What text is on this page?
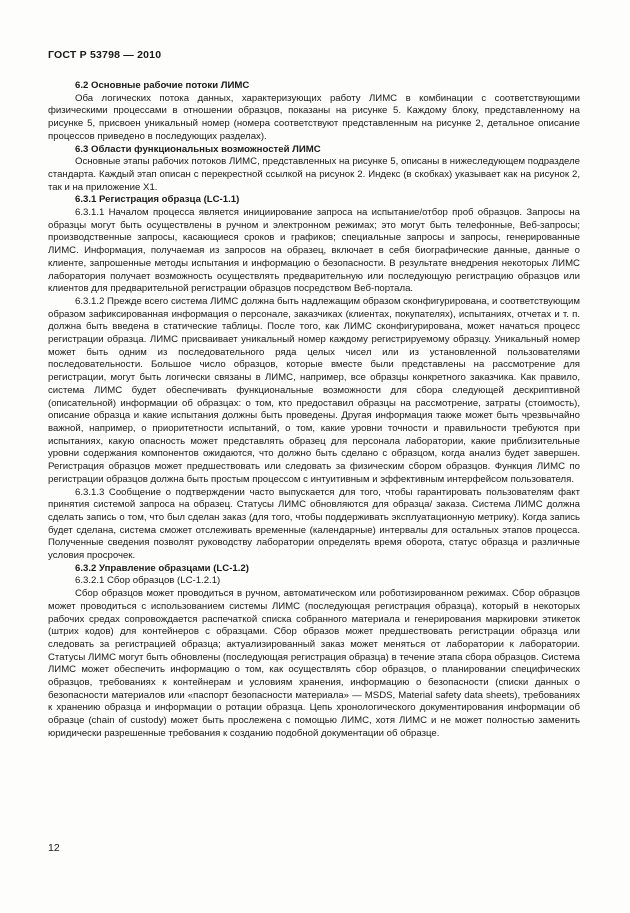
ГОСТ Р 53798 — 2010

6.2 Основные рабочие потоки ЛИМС

Оба логических потока данных, характеризующих работу ЛИМС в комбинации с соответствующими физическими процессами в отношении образцов, показаны на рисунке 5. Каждому блоку, представленному на рисунке 5, присвоен уникальный номер (номера соответствуют представленным на рисунке 2, детальное описание процессов приведено в последующих разделах).

6.3 Области функциональных возможностей ЛИМС

Основные этапы рабочих потоков ЛИМС, представленных на рисунке 5, описаны в нижеследующем подразделе стандарта. Каждый этап описан с перекрестной ссылкой на рисунок 2. Индекс (в скобках) указывает как на рисунок 2, так и на приложение Х1.

6.3.1 Регистрация образца (LC-1.1)

6.3.1.1 Началом процесса является инициирование запроса на испытание/отбор проб образцов. Запросы на образцы могут быть осуществлены в ручном и электронном режимах; это могут быть телефонные, Веб-запросы; производственные запросы, касающиеся сроков и графиков; специальные запросы и запросы, генерированные ЛИМС. Информация, получаемая из запросов на образец, включает в себя биографические данные, данные о клиенте, запрошенные методы испытания и информацию о безопасности. В результате внедрения некоторых ЛИМС лаборатория получает возможность осуществлять предварительную или последующую регистрацию образцов или клиентов для предварительной регистрации образцов посредством Веб-портала.

6.3.1.2 Прежде всего система ЛИМС должна быть надлежащим образом сконфигурирована, и соответствующим образом зафиксированная информация о персонале, заказчиках (клиентах, покупателях), испытаниях, отчетах и т. п. должна быть введена в статические таблицы. После того, как ЛИМС сконфигурирована, может начаться процесс регистрации образца. ЛИМС присваивает уникальный номер каждому регистрируемому образцу. Уникальный номер может быть одним из последовательного ряда целых чисел или из установленной пользователями последовательности. Большое число образцов, которые вместе были представлены на рассмотрение для регистрации, могут быть логически связаны в ЛИМС, например, все образцы конкретного заказчика. Как правило, система ЛИМС будет обеспечивать функциональные возможности для сбора следующей дескриптивной (описательной) информации об образцах: о том, кто предоставил образцы на рассмотрение, затраты (стоимость), описание образца и какие испытания должны быть проведены. Другая информация также может быть чрезвычайно важной, например, о приоритетности испытаний, о том, какие уровни точности и правильности требуются при испытаниях, какую опасность может представлять образец для персонала лаборатории, какие приблизительные уровни содержания компонентов ожидаются, что должно быть сделано с образцом, когда анализ будет завершен. Регистрация образцов может предшествовать или следовать за физическим сбором образцов. Функция ЛИМС по регистрации образцов должна быть простым процессом с интуитивным и эффективным интерфейсом пользователя.

6.3.1.3 Сообщение о подтверждении часто выпускается для того, чтобы гарантировать пользователям факт принятия системой запроса на образец. Статусы ЛИМС обновляются для образца/ заказа. Система ЛИМС должна сделать запись о том, что был сделан заказ (для того, чтобы поддерживать эксплуатационную метрику). Когда запись будет сделана, система сможет отслеживать временные (календарные) интервалы для остальных этапов процесса. Полученные сведения позволят руководству лаборатории определять время оборота, статус образца и различные условия просрочек.

6.3.2 Управление образцами (LC-1.2)

6.3.2.1 Сбор образцов (LC-1.2.1)

Сбор образцов может проводиться в ручном, автоматическом или роботизированном режимах. Сбор образцов может проводиться с использованием системы ЛИМС (последующая регистрация образца), который в некоторых рабочих средах сопровождается распечаткой списка собранного материала и генерирования маркировки этикеток (штрих кодов) для контейнеров с образцами. Сбор образов может предшествовать регистрации образца или следовать за регистрацией образца; актуализированный заказ может меняться от лаборатории к лаборатории. Статусы ЛИМС могут быть обновлены (последующая регистрация образца) в течение этапа сбора образцов. Система ЛИМС может обеспечить информацию о том, как осуществлять сбор образцов, о планировании специфических образцов, требованиях к контейнерам и условиям хранения, информацию о безопасности (списки данных о безопасности материалов или «паспорт безопасности материала» — MSDS, Material safety data sheets), требованиях к хранению образца и информации о ротации образца. Цепь хронологического документирования информации об образце (chain of custody) может быть прослежена с помощью ЛИМС, хотя ЛИМС и не может полностью заменить юридически разрешенные требования к созданию подобной документации об образце.

12
